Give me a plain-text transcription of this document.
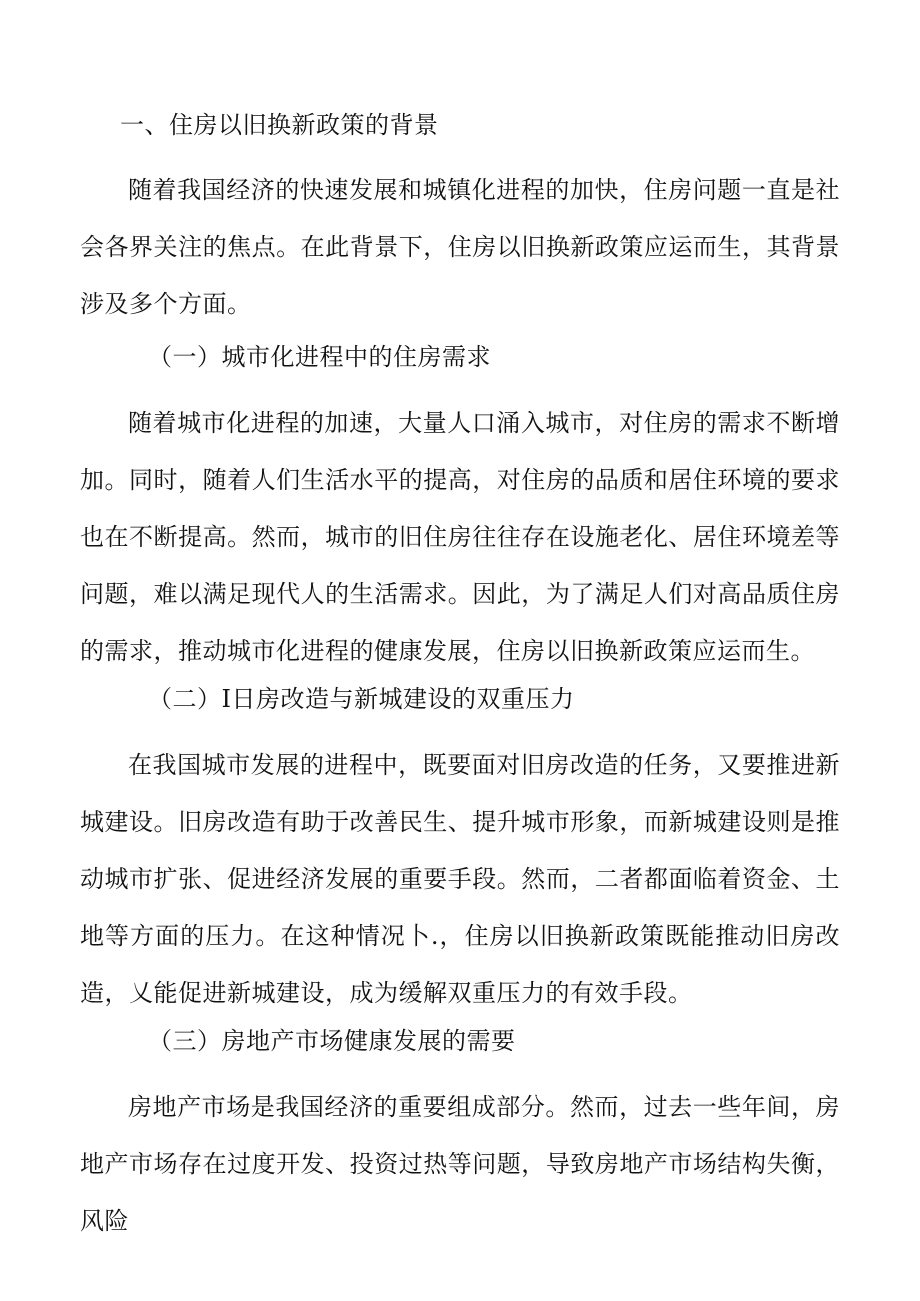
一、住房以旧换新政策的背景

随着我国经济的快速发展和城镇化进程的加快，住房问题一直是社会各界关注的焦点。在此背景下，住房以旧换新政策应运而生，其背景涉及多个方面。

（一）城市化进程中的住房需求

随着城市化进程的加速，大量人口涌入城市，对住房的需求不断增加。同时，随着人们生活水平的提高，对住房的品质和居住环境的要求也在不断提高。然而，城市的旧住房往往存在设施老化、居住环境差等问题，难以满足现代人的生活需求。因此，为了满足人们对高品质住房的需求，推动城市化进程的健康发展，住房以旧换新政策应运而生。

（二）I日房改造与新城建设的双重压力

在我国城市发展的进程中，既要面对旧房改造的任务，又要推进新城建设。旧房改造有助于改善民生、提升城市形象，而新城建设则是推动城市扩张、促进经济发展的重要手段。然而，二者都面临着资金、土地等方面的压力。在这种情况卜.，住房以旧换新政策既能推动旧房改造，乂能促进新城建设，成为缓解双重压力的有效手段。

（三）房地产市场健康发展的需要

房地产市场是我国经济的重要组成部分。然而，过去一些年间，房地产市场存在过度开发、投资过热等问题，导致房地产市场结构失衡，风险
